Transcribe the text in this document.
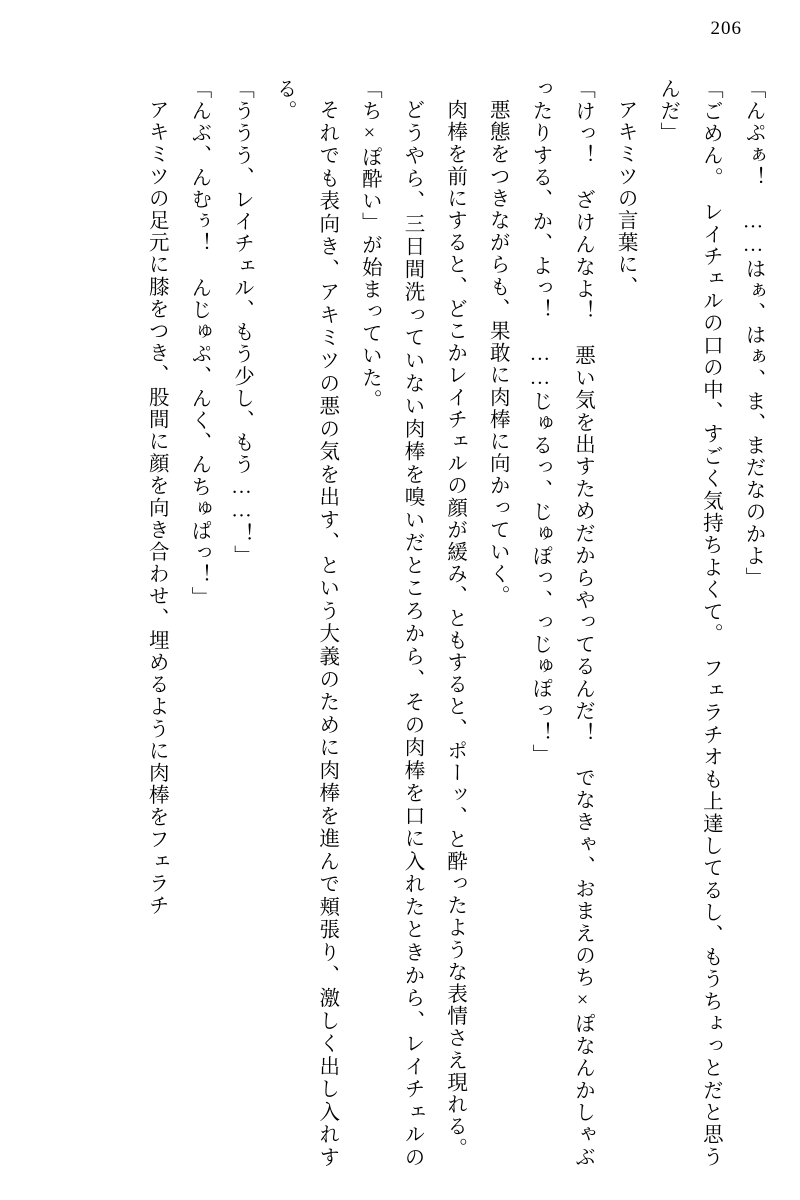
206

「んぷぁ！　……はぁ、はぁ、ま、まだなのかよ」

「ごめん。　レイチェルの口の中、すごく気持ちよくて。　フェラチオも上達してるし、もうちょっとだと思うんだ」

アキミツの言葉に、

「けっ！　ざけんなよ！　悪い気を出すためだからやってるんだ！　でなきゃ、おまえのち×ぽなんかしゃぶったりする、か、よっ！　……じゅるっ、じゅぽっ、っじゅぽっ！」

悪態をつきながらも、果敢に肉棒に向かっていく。

肉棒を前にすると、どこかレイチェルの顔が緩み、ともすると、ポーッ、と酔ったような表情さえ現れる。

どうやら、三日間洗っていない肉棒を嗅いだところから、その肉棒を口に入れたときから、レイチェルの「ち×ぽ酔い」が始まっていた。

それでも表向き、アキミツの悪の気を出す、という大義のために肉棒を進んで頬張り、激しく出し入れする。

「ううう、レイチェル、もう少し、もう……！」

「んぶ、んむぅ！　んじゅぷ、んく、んちゅぱっ！」

アキミツの足元に膝をつき、股間に顔を向き合わせ、埋めるように肉棒をフェラチ
